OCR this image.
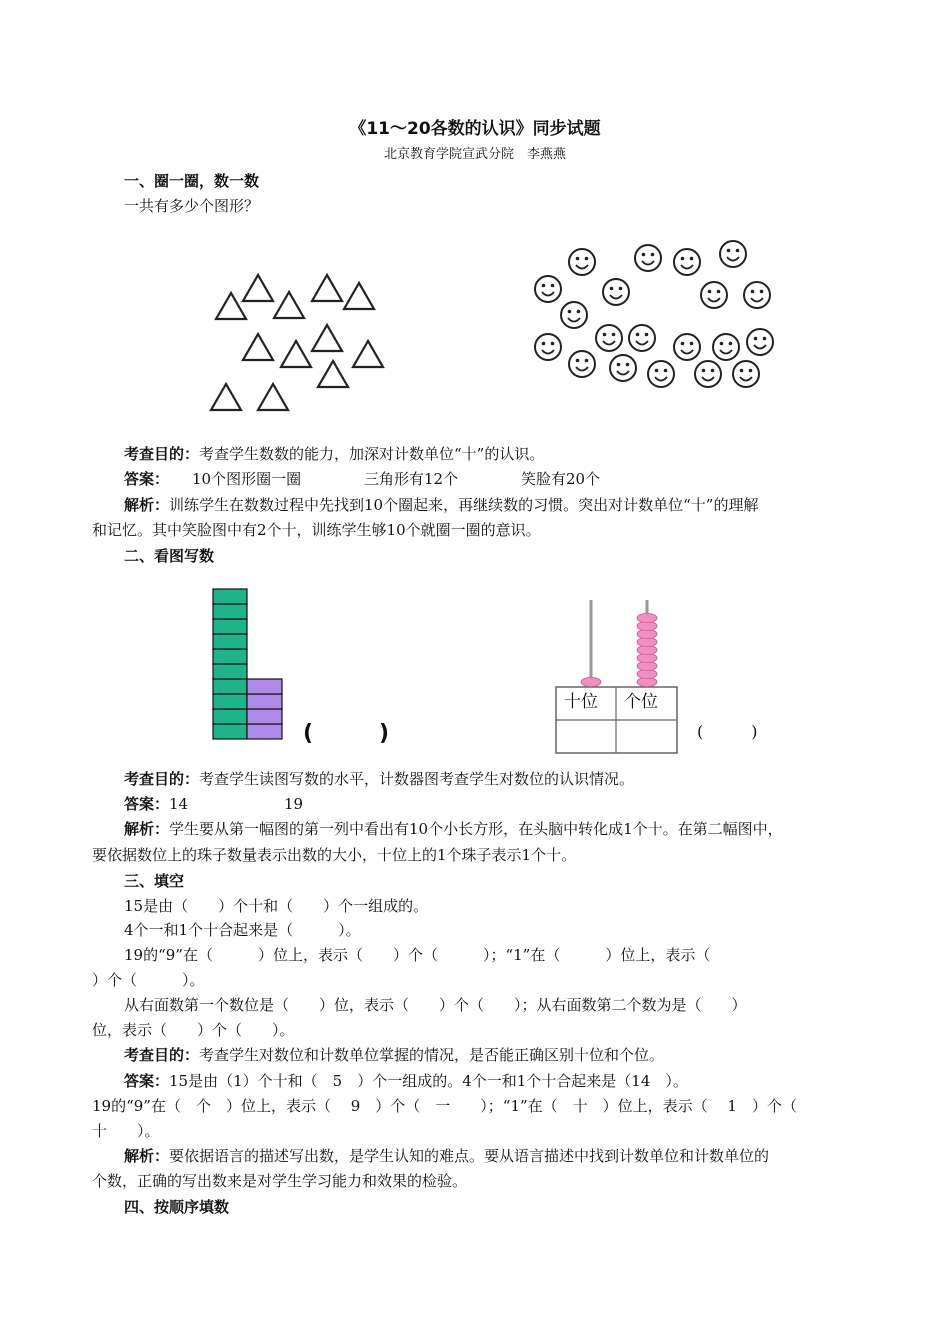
《11～20各数的认识》同步试题
北京教育学院宣武分院　李燕燕
一、圈一圈，数一数
一共有多少个图形？
考查目的：考查学生数数的能力，加深对计数单位“十”的认识。
答案： 10个图形圈一圈	三角形有12个	笑脸有20个
解析：训练学生在数数过程中先找到10个圈起来，再继续数的习惯。突出对计数单位“十”的理解
和记忆。其中笑脸图中有2个十，训练学生够10个就圈一圈的意识。
二、看图写数
(　　　)
十位 个位
(　　　)
考查目的：考查学生读图写数的水平，计数器图考查学生对数位的认识情况。
答案：14	19
解析：学生要从第一幅图的第一列中看出有10个小长方形，在头脑中转化成1个十。在第二幅图中，
要依据数位上的珠子数量表示出数的大小，十位上的1个珠子表示1个十。
三、填空
15是由（　　）个十和（　　）个一组成的。
4个一和1个十合起来是（　　　）。
19的“9”在（　　　）位上，表示（　　）个（　　　）；“1”在（　　　）位上，表示（
）个（　　　）。
从右面数第一个数位是（　　）位，表示（　　）个（　　）；从右面数第二个数为是（　　）
位，表示（　　）个（　　）。
考查目的：考查学生对数位和计数单位掌握的情况，是否能正确区别十位和个位。
答案：15是由（1）个十和（　5　）个一组成的。4个一和1个十合起来是（14　）。
19的“9”在（　个　）位上，表示（　 9　）个（　一　　）；“1”在（　十　）位上，表示（　 1　）个（
十　　）。
解析：要依据语言的描述写出数，是学生认知的难点。要从语言描述中找到计数单位和计数单位的
个数，正确的写出数来是对学生学习能力和效果的检验。
四、按顺序填数
